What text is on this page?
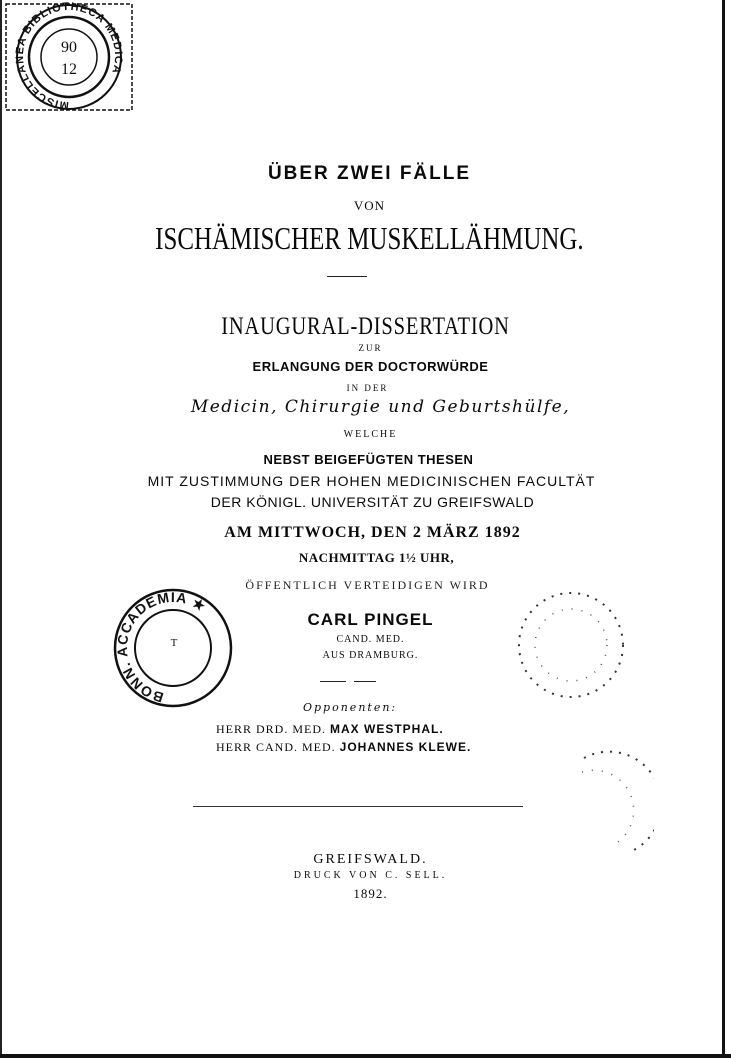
MISCELLANEA BIBLIOTHECA MEDICA
90
12
ÜBER ZWEI FÄLLE
VON
ISCHÄMISCHER MUSKELLÄHMUNG.
INAUGURAL-DISSERTATION
ZUR
ERLANGUNG DER DOCTORWÜRDE
IN DER
Medicin, Chirurgie und Geburtshülfe,
WELCHE
NEBST BEIGEFÜGTEN THESEN
MIT ZUSTIMMUNG DER HOHEN MEDICINISCHEN FACULTÄT
DER KÖNIGL. UNIVERSITÄT ZU GREIFSWALD
AM MITTWOCH, DEN 2 MÄRZ 1892
NACHMITTAG 1½ UHR,
ÖFFENTLICH VERTEIDIGEN WIRD
BONN. ACCADEMIA ★
T
CARL PINGEL
CAND. MED.
AUS DRAMBURG.
Opponenten:
HERR DRD. MED. MAX WESTPHAL.
HERR CAND. MED. JOHANNES KLEWE.
GREIFSWALD.
DRUCK VON C. SELL.
1892.
